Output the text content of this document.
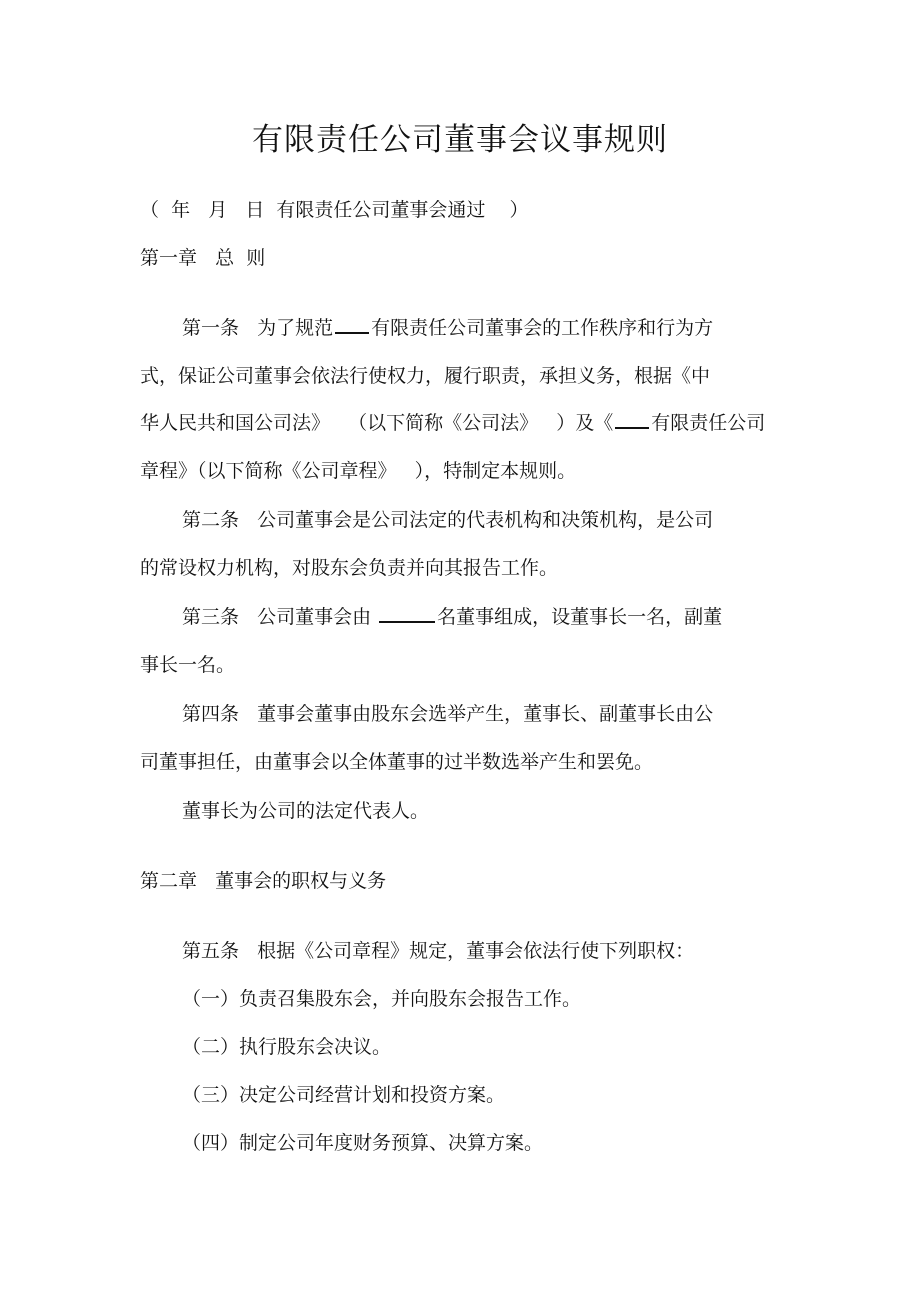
有限责任公司董事会议事规则
（  年   月   日  有限责任公司董事会通过    ）
第一章   总  则
第一条   为了规范 有限责任公司董事会的工作秩序和行为方
式，保证公司董事会依法行使权力，履行职责，承担义务，根据《中
华人民共和国公司法》   （以下简称《公司法》   ）及《 有限责任公司
章程》（以下简称《公司章程》   ），特制定本规则。
第二条   公司董事会是公司法定的代表机构和决策机构，是公司
的常设权力机构，对股东会负责并向其报告工作。
第三条   公司董事会由	名董事组成，设董事长一名，副董
事长一名。
第四条   董事会董事由股东会选举产生，董事长、副董事长由公
司董事担任，由董事会以全体董事的过半数选举产生和罢免。
董事长为公司的法定代表人。
第二章   董事会的职权与义务
第五条   根据《公司章程》规定，董事会依法行使下列职权：
（一）负责召集股东会，并向股东会报告工作。
（二）执行股东会决议。
（三）决定公司经营计划和投资方案。
（四）制定公司年度财务预算、决算方案。
